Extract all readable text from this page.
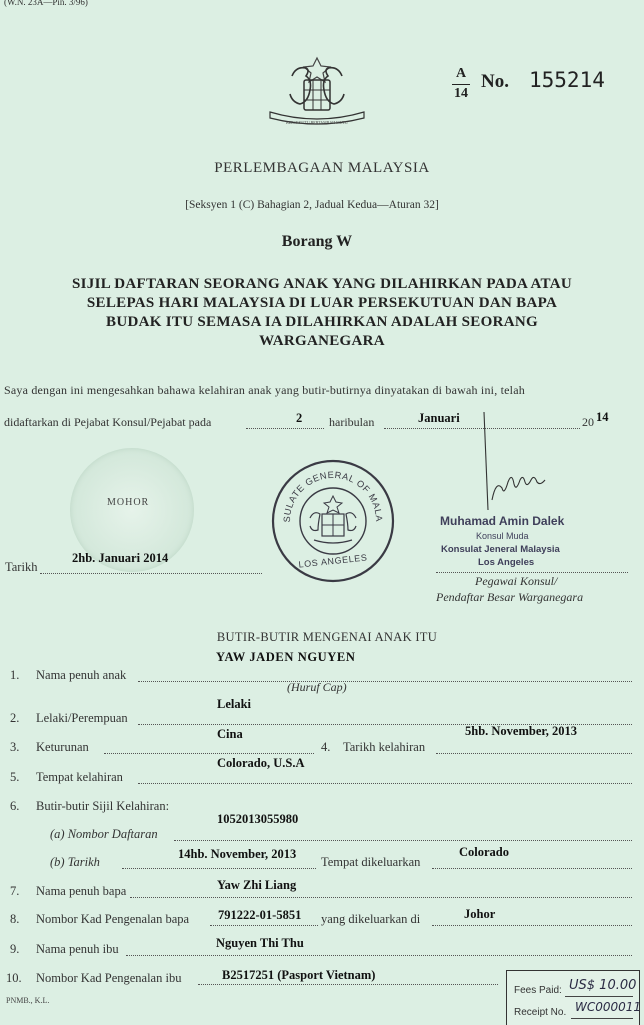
(W.N. 23A—Pin. 3/96)
BERSEKUTU BERTAMBAH MUTU
A
14
No. 155214
PERLEMBAGAAN MALAYSIA
[Seksyen 1 (C) Bahagian 2, Jadual Kedua—Aturan 32]
Borang W
SIJIL DAFTARAN SEORANG ANAK YANG DILAHIRKAN PADA ATAU
SELEPAS HARI MALAYSIA DI LUAR PERSEKUTUAN DAN BAPA
BUDAK ITU SEMASA IA DILAHIRKAN ADALAH SEORANG
WARGANEGARA
Saya dengan ini mengesahkan bahawa kelahiran anak yang butir-butirnya dinyatakan di bawah ini, telah
didaftarkan di Pejabat Konsul/Pejabat pada	2 haribulan	Januari	20 14
MOHOR
SULATE GENERAL OF MALA
LOS ANGELES
Muhamad Amin Dalek
Konsul Muda
Konsulat Jeneral Malaysia
Los Angeles
Pegawai Konsul/
Pendaftar Besar Warganegara
Tarikh
2hb. Januari 2014
BUTIR-BUTIR MENGENAI ANAK ITU
1. Nama penuh anak
YAW JADEN NGUYEN
(Huruf Cap)
2. Lelaki/Perempuan
Lelaki
3. Keturunan
Cina
4. Tarikh kelahiran
5hb. November, 2013
5. Tempat kelahiran
Colorado, U.S.A
6. Butir-butir Sijil Kelahiran:
(a) Nombor Daftaran
1052013055980
(b) Tarikh
14hb. November, 2013
Tempat dikeluarkan
Colorado
7. Nama penuh bapa	Yaw Zhi Liang
8. Nombor Kad Pengenalan bapa 791222-01-5851 yang dikeluarkan di	Johor
9. Nama penuh ibu	Nguyen Thi Thu
10. Nombor Kad Pengenalan ibu	B2517251 (Pasport Vietnam)
PNMB., K.L.
Fees Paid: US$ 10.00
Receipt No. WC000011
